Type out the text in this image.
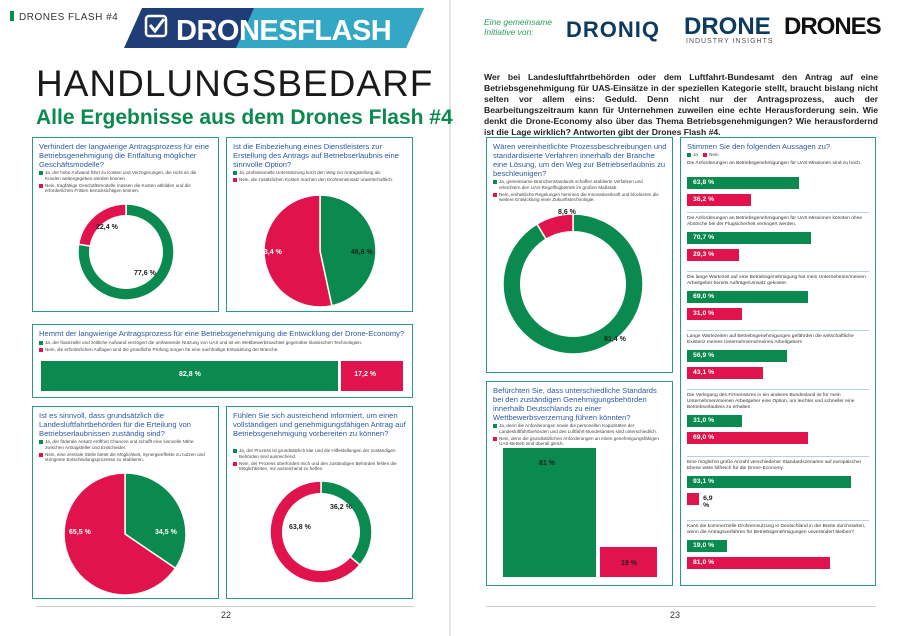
DRONES FLASH #4 DRONESFLASH	Eine gemeinsame
Initiative von:	DRONIQ DRONE
INDUSTRY INSIGHTS
DRONES
HANDLUNGSBEDARF
Alle Ergebnisse aus dem Drones Flash #4
Wer bei Landesluftfahrtbehörden oder dem Luftfahrt-Bundesamt den Antrag auf eine Betriebsgenehmigung für UAS-Einsätze in der speziellen Kategorie stellt, braucht bislang nicht selten vor allem eins: Geduld. Denn nicht nur der Antragsprozess, auch der Bearbeitungszeitraum kann für Unternehmen zuweilen eine echte Herausforderung sein. Wie denkt die Drone-Economy also über das Thema Betriebsgenehmigungen? Wie herausfordernd ist die Lage wirklich? Antworten gibt der Drones Flash #4.
Verhindert der langwierige Antragsprozess für eine Betriebsgenehmigung die Entfaltung möglicher Geschäftsmodelle?
Ja, der hohe Aufwand führt zu Kosten und Verzögerungen, die nicht an die Kunden weitergegeben werden können.
Nein, tragfähige Geschäftsmodelle müssen die Kosten abbilden und die erforderlichen Fristen berücksichtigen können.
77,6 %
22,4 %
Ist die Einbeziehung eines Dienstleisters zur Erstellung des Antrags auf Betriebserlaubnis eine sinnvolle Option?
Ja, professionelle Unterstützung kürzt den Weg zur Antragstellung ab.
Nein, die zusätzlichen Kosten machen den Drohneneinsatz unwirtschaftlich.
46,6 %
53,4 %
Hemmt der langwierige Antragsprozess für eine Betriebsgenehmigung die Entwicklung der Drone-Economy?
Ja, der finanzielle und zeitliche Aufwand verzögert die umfassende Nutzung von UAS und ist ein Wettbewerbsnachteil gegenüber klassischen Technologien.
Nein, die erforderlichen Auflagen sind die gründliche Prüfung sorgen für eine nachhaltige Entwicklung der Branche.
82,8 %	17,2 %
Ist es sinnvoll, dass grundsätzlich die Landesluftfahrtbehörden für die Erteilung von Betriebserlaubnissen zuständig sind?
Ja, der föderale Ansatz eröffnet Chancen und schafft eine sinnvolle Nähe zwischen Antragsteller und Entscheider.
Nein, eine zentrale Stelle bietet die Möglichkeit, Synergieeffekte zu nutzen und stringente Entscheidungsprozesse zu etablieren.
34,5 %
65,5 %
Fühlen Sie sich ausreichend informiert, um einen vollständigen und genehmigungsfähigen Antrag auf Betriebsgenehmigung vorbereiten zu können?
Ja, der Prozess ist grundsätzlich klar und die Hilfestellungen der zuständigen Behörden sind ausreichend.
Nein, der Prozess überfordert mich und den zuständigen Behörden fehlen die Möglichkeiten, mir ausreichend zu helfen.
36,2 %
63,8 %
Wären vereinheitlichte Prozessbeschreibungen und standardisierte Verfahren innerhalb der Branche eine Lösung, um den Weg zur Betriebserlaubnis zu beschleunigen?
Ja, gemeinsame Branchenstandards schaffen etablierte Verfahren und erleichtern den UAS-Regelflugbetrieb im großen Maßstab.
Nein, einheitliche Regelungen hemmen die Innovationskraft und blockieren die weitere Entwicklung einer Zukunftstechnologie.
91,4 %
8,6 %
Befürchten Sie, dass unterschiedliche Standards bei den zuständigen Genehmigungsbehörden innerhalb Deutschlands zu einer Wettbewerbsverzerrung führen könnten?
Ja, denn die Anforderungen sowie die personellen Kapazitäten der Landesluftfahrtbehörden und des Luftfahrt-Bundesamtes sind unterschiedlich.
Nein, denn die grundsätzlichen Anforderungen an einen genehmigungsfähigen UAS-Betrieb sind überall gleich.
81 %
19 %
Stimmen Sie den folgenden Aussagen zu?
Ja Nein
Die Anforderungen an Betriebsgenehmigungen für UAS-Missionen sind zu hoch.
63,8 %
36,2 %
Die Anforderungen an Betriebsgenehmigungen für UAS-Missionen könnten ohne Abstriche bei der Flugsicherheit verringert werden.
70,7 %
29,3 %
Die lange Wartezeit auf eine Betriebsgenehmigung hat mein Unternehmen/meinen Arbeitgeber bereits Aufträge/Umsatz gekostet.
69,0 %
31,0 %
Lange Wartezeiten auf Betriebsgenehmigungen gefährden die wirtschaftliche Existenz meines Unternehmens/meines Arbeitgebers
56,9 %
43,1 %
Die Verlegung des Firmensitzes in ein anderes Bundesland ist für mein Unternehmen/meinen Arbeitgeber eine Option, um leichter und schneller eine Betriebserlaubnis zu erhalten.
31,0 %
69,0 %
Eine möglichst große Anzahl verschiedener Standardszenarien auf europäischer Ebene wäre hilfreich für die Drone-Economy.
93,1 %
6,9 %
Kann die kommerzielle Drohnennutzung in Deutschland in der Breite durchstarten, wenn die Antragsverfahren für Betriebsgenehmigungen unverändert bleiben?
19,0 %
81,0 %
22	23
